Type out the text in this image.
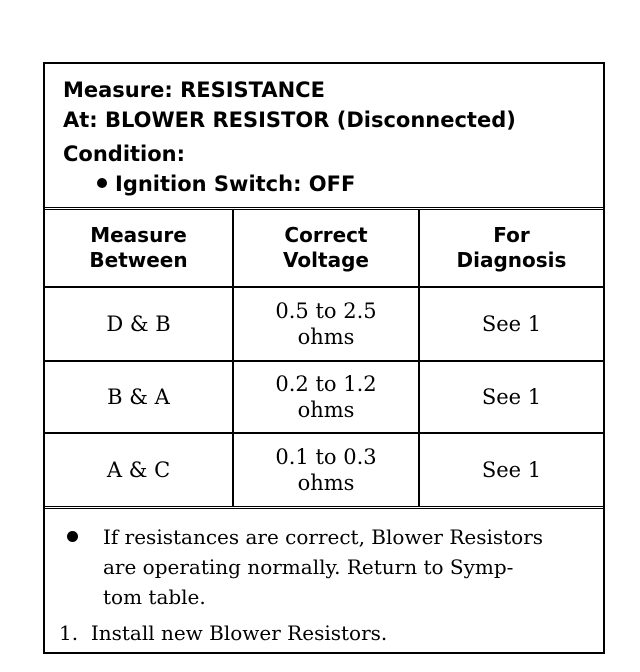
Measure: RESISTANCE
At: BLOWER RESISTOR (Disconnected)
Condition:
Ignition Switch: OFF
Measure
Between
Correct
Voltage
For
Diagnosis
D & B
0.5 to 2.5
ohms
See 1
B & A
0.2 to 1.2
ohms
See 1
A & C
0.1 to 0.3
ohms
See 1
If resistances are correct, Blower Resistors
are operating normally. Return to Symp-
tom table.
1. Install new Blower Resistors.
